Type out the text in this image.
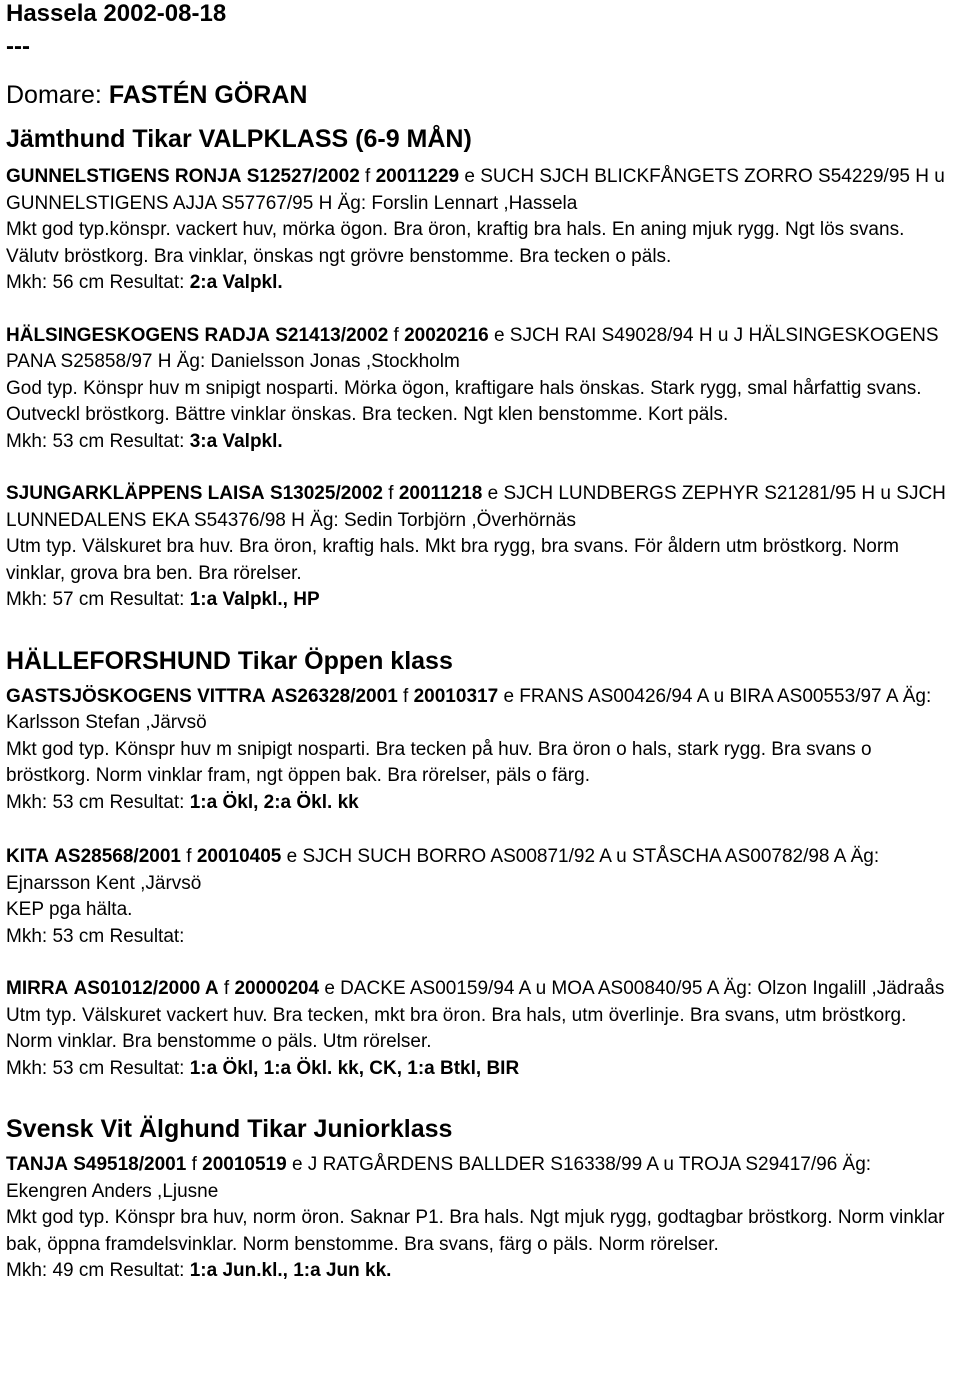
Hassela 2002-08-18
---
Domare: FASTÉN GÖRAN
Jämthund Tikar VALPKLASS (6-9 MÅN)

GUNNELSTIGENS RONJA S12527/2002 f 20011229 e SUCH SJCH BLICKFÅNGETS ZORRO S54229/95 H u GUNNELSTIGENS AJJA S57767/95 H Äg: Forslin Lennart ,Hassela

Mkt god typ.könspr. vackert huv, mörka ögon. Bra öron, kraftig bra hals. En aning mjuk rygg. Ngt lös svans. Välutv bröstkorg. Bra vinklar, önskas ngt grövre benstomme. Bra tecken o päls.

Mkh: 56 cm Resultat: 2:a Valpkl.

HÄLSINGESKOGENS RADJA S21413/2002 f 20020216 e SJCH RAI S49028/94 H u J HÄLSINGESKOGENS PANA S25858/97 H Äg: Danielsson Jonas ,Stockholm

God typ. Könspr huv m snipigt nosparti. Mörka ögon, kraftigare hals önskas. Stark rygg, smal hårfattig svans. Outveckl bröstkorg. Bättre vinklar önskas. Bra tecken. Ngt klen benstomme. Kort päls.

Mkh: 53 cm Resultat: 3:a Valpkl.

SJUNGARKLÄPPENS LAISA S13025/2002 f 20011218 e SJCH LUNDBERGS ZEPHYR S21281/95 H u SJCH LUNNEDALENS EKA S54376/98 H Äg: Sedin Torbjörn ,Överhörnäs

Utm typ. Välskuret bra huv. Bra öron, kraftig hals. Mkt bra rygg, bra svans. För åldern utm bröstkorg. Norm vinklar, grova bra ben. Bra rörelser.

Mkh: 57 cm Resultat: 1:a Valpkl., HP

HÄLLEFORSHUND Tikar Öppen klass

GASTSJÖSKOGENS VITTRA AS26328/2001 f 20010317 e FRANS AS00426/94 A u BIRA AS00553/97 A Äg: Karlsson Stefan ,Järvsö

Mkt god typ. Könspr huv m snipigt nosparti. Bra tecken på huv. Bra öron o hals, stark rygg. Bra svans o bröstkorg. Norm vinklar fram, ngt öppen bak. Bra rörelser, päls o färg.

Mkh: 53 cm Resultat: 1:a Ökl, 2:a Ökl. kk

KITA AS28568/2001 f 20010405 e SJCH SUCH BORRO AS00871/92 A u STÅSCHA AS00782/98 A Äg: Ejnarsson Kent ,Järvsö

KEP pga hälta.

Mkh: 53 cm Resultat:

MIRRA AS01012/2000 A f 20000204 e DACKE AS00159/94 A u MOA AS00840/95 A Äg: Olzon Ingalill ,Jädraås

Utm typ. Välskuret vackert huv. Bra tecken, mkt bra öron. Bra hals, utm överlinje. Bra svans, utm bröstkorg. Norm vinklar. Bra benstomme o päls. Utm rörelser.

Mkh: 53 cm Resultat: 1:a Ökl, 1:a Ökl. kk, CK, 1:a Btkl, BIR

Svensk Vit Älghund Tikar Juniorklass

TANJA S49518/2001 f 20010519 e J RATGÅRDENS BALLDER S16338/99 A u TROJA S29417/96 Äg: Ekengren Anders ,Ljusne

Mkt god typ. Könspr bra huv, norm öron. Saknar P1. Bra hals. Ngt mjuk rygg, godtagbar bröstkorg. Norm vinklar bak, öppna framdelsvinklar. Norm benstomme. Bra svans, färg o päls. Norm rörelser.

Mkh: 49 cm Resultat: 1:a Jun.kl., 1:a Jun kk.
